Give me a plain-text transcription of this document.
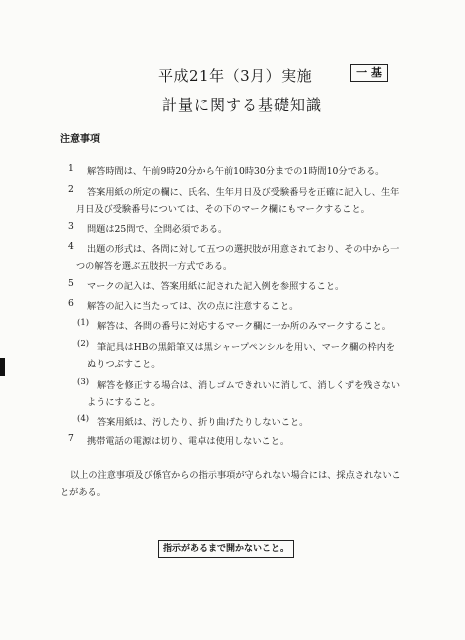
平成21年（3月）実施	一 基
計量に関する基礎知識
注意事項
1 解答時間は、午前9時20分から午前10時30分までの1時間10分である。
2 答案用紙の所定の欄に、氏名、生年月日及び受験番号を正確に記入し、生年
月日及び受験番号については、その下のマーク欄にもマークすること。
3 問題は25問で、全問必須である。
4 出題の形式は、各問に対して五つの選択肢が用意されており、その中から一
つの解答を選ぶ五肢択一方式である。
5 マークの記入は、答案用紙に記された記入例を参照すること。
6 解答の記入に当たっては、次の点に注意すること。
(1) 解答は、各問の番号に対応するマーク欄に一か所のみマークすること。
(2) 筆記具はHBの黒鉛筆又は黒シャープペンシルを用い、マーク欄の枠内を
ぬりつぶすこと。
(3) 解答を修正する場合は、消しゴムできれいに消して、消しくずを残さない
ようにすること。
(4) 答案用紙は、汚したり、折り曲げたりしないこと。
7 携帯電話の電源は切り、電卓は使用しないこと。
以上の注意事項及び係官からの指示事項が守られない場合には、採点されないこ
とがある。
指示があるまで開かないこと。
